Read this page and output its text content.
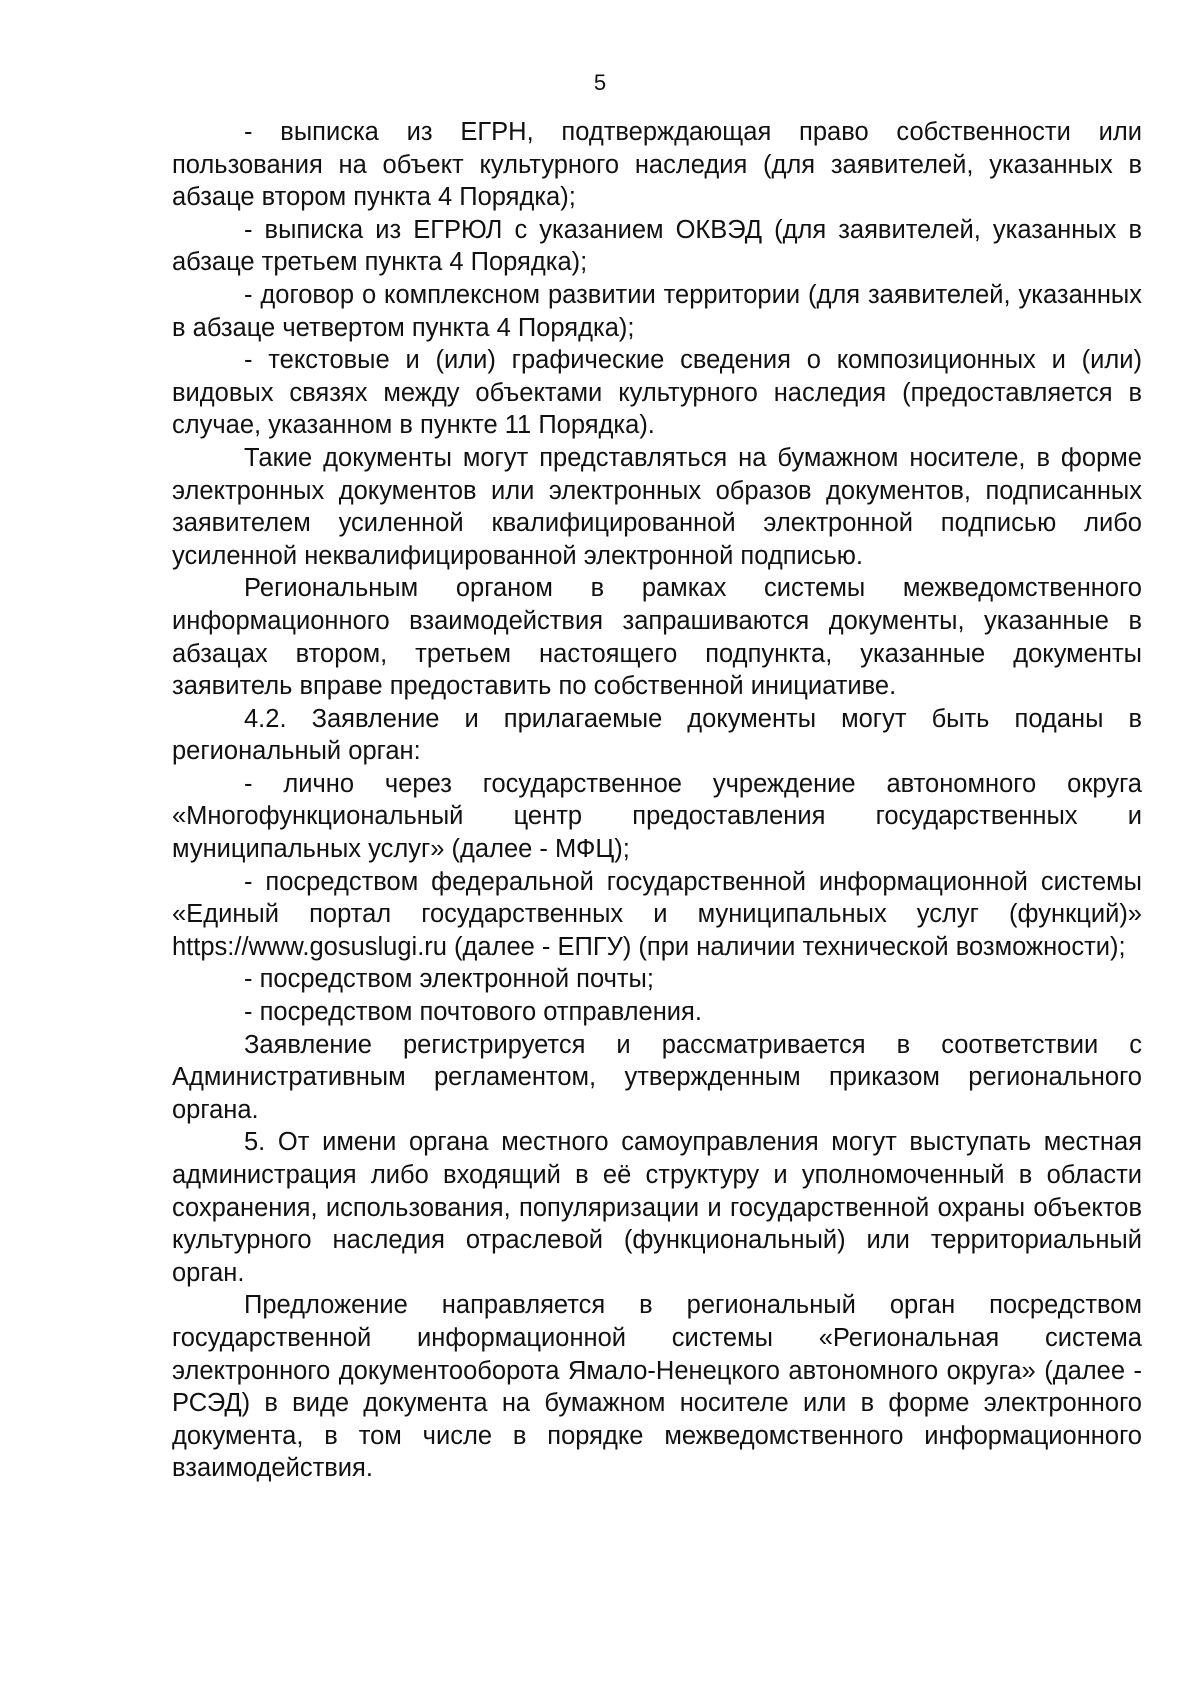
5

- выписка из ЕГРН, подтверждающая право собственности или пользования на объект культурного наследия (для заявителей, указанных в абзаце втором пункта 4 Порядка);

- выписка из ЕГРЮЛ с указанием ОКВЭД (для заявителей, указанных в абзаце третьем пункта 4 Порядка);

- договор о комплексном развитии территории (для заявителей, указанных в абзаце четвертом пункта 4 Порядка);

- текстовые и (или) графические сведения о композиционных и (или) видовых связях между объектами культурного наследия (предоставляется в случае, указанном в пункте 11 Порядка).

Такие документы могут представляться на бумажном носителе, в форме электронных документов или электронных образов документов, подписанных заявителем усиленной квалифицированной электронной подписью либо усиленной неквалифицированной электронной подписью.

Региональным органом в рамках системы межведомственного информационного взаимодействия запрашиваются документы, указанные в абзацах втором, третьем настоящего подпункта, указанные документы заявитель вправе предоставить по собственной инициативе.

4.2. Заявление и прилагаемые документы могут быть поданы в региональный орган:

- лично через государственное учреждение автономного округа «Многофункциональный центр предоставления государственных и муниципальных услуг» (далее - МФЦ);

- посредством федеральной государственной информационной системы «Единый портал государственных и муниципальных услуг (функций)» https://www.gosuslugi.ru (далее - ЕПГУ) (при наличии технической возможности);

- посредством электронной почты;

- посредством почтового отправления.

Заявление регистрируется и рассматривается в соответствии с Административным регламентом, утвержденным приказом регионального органа.

5. От имени органа местного самоуправления могут выступать местная администрация либо входящий в её структуру и уполномоченный в области сохранения, использования, популяризации и государственной охраны объектов культурного наследия отраслевой (функциональный) или территориальный орган.

Предложение направляется в региональный орган посредством государственной информационной системы «Региональная система электронного документооборота Ямало-Ненецкого автономного округа» (далее - РСЭД) в виде документа на бумажном носителе или в форме электронного документа, в том числе в порядке межведомственного информационного взаимодействия.
